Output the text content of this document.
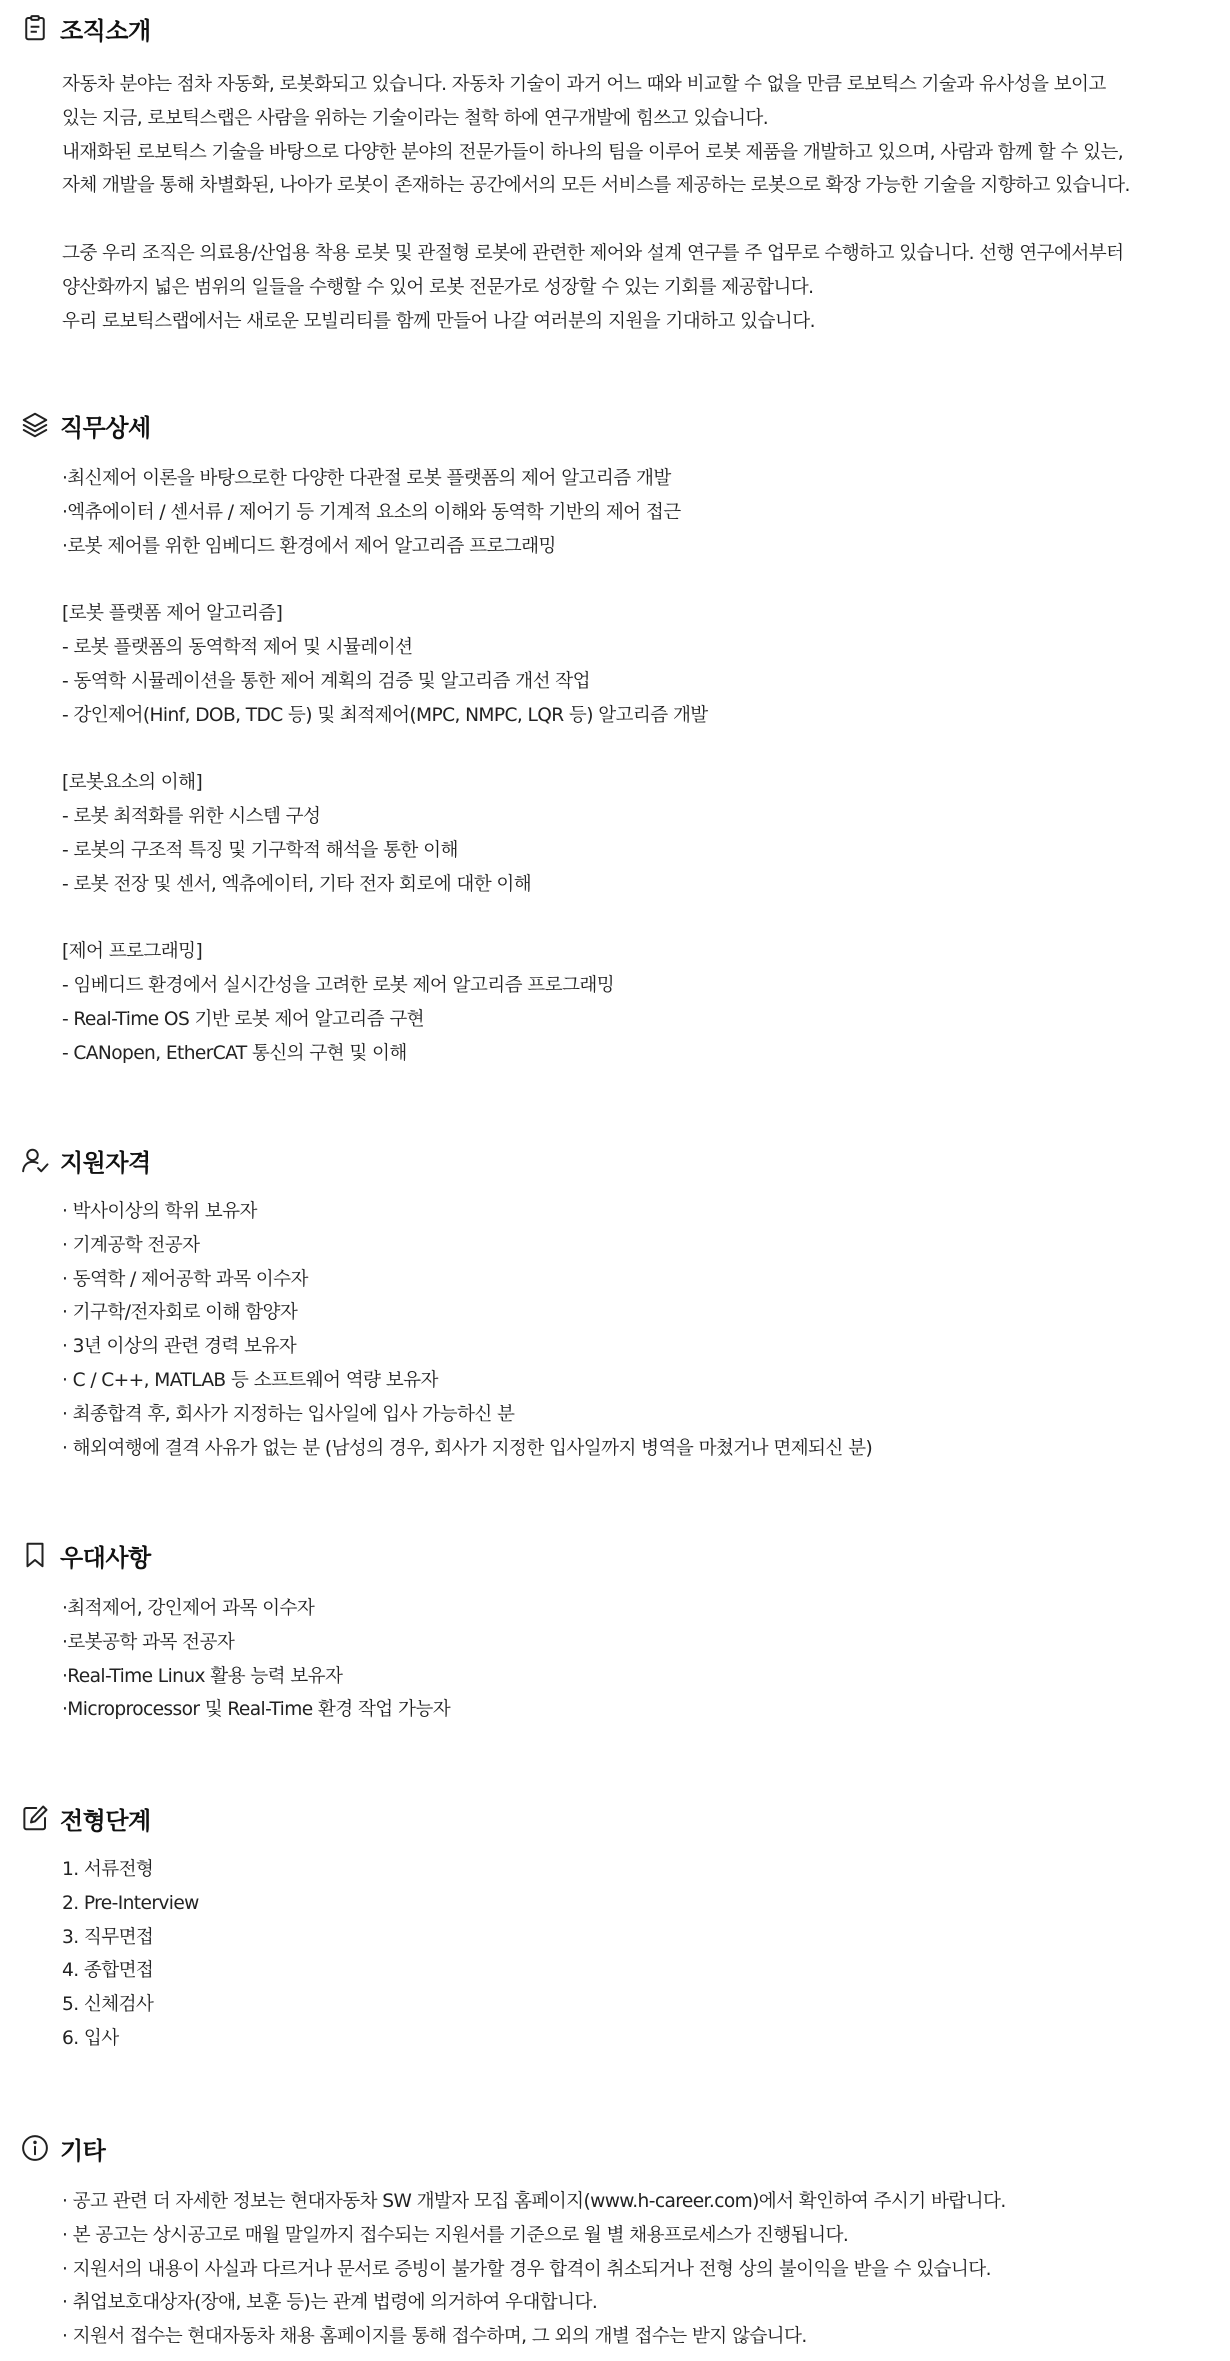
조직소개
자동차 분야는 점차 자동화, 로봇화되고 있습니다. 자동차 기술이 과거 어느 때와 비교할 수 없을 만큼 로보틱스 기술과 유사성을 보이고
있는 지금, 로보틱스랩은 사람을 위하는 기술이라는 철학 하에 연구개발에 힘쓰고 있습니다.
내재화된 로보틱스 기술을 바탕으로 다양한 분야의 전문가들이 하나의 팀을 이루어 로봇 제품을 개발하고 있으며, 사람과 함께 할 수 있는,
자체 개발을 통해 차별화된, 나아가 로봇이 존재하는 공간에서의 모든 서비스를 제공하는 로봇으로 확장 가능한 기술을 지향하고 있습니다.
그중 우리 조직은 의료용/산업용 착용 로봇 및 관절형 로봇에 관련한 제어와 설계 연구를 주 업무로 수행하고 있습니다. 선행 연구에서부터
양산화까지 넓은 범위의 일들을 수행할 수 있어 로봇 전문가로 성장할 수 있는 기회를 제공합니다.
우리 로보틱스랩에서는 새로운 모빌리티를 함께 만들어 나갈 여러분의 지원을 기대하고 있습니다.
직무상세
·최신제어 이론을 바탕으로한 다양한 다관절 로봇 플랫폼의 제어 알고리즘 개발
·엑츄에이터 / 센서류 / 제어기 등 기계적 요소의 이해와 동역학 기반의 제어 접근
·로봇 제어를 위한 임베디드 환경에서 제어 알고리즘 프로그래밍
[로봇 플랫폼 제어 알고리즘]
- 로봇 플랫폼의 동역학적 제어 및 시뮬레이션
- 동역학 시뮬레이션을 통한 제어 계획의 검증 및 알고리즘 개선 작업
- 강인제어(Hinf, DOB, TDC 등) 및 최적제어(MPC, NMPC, LQR 등) 알고리즘 개발
[로봇요소의 이해]
- 로봇 최적화를 위한 시스템 구성
- 로봇의 구조적 특징 및 기구학적 해석을 통한 이해
- 로봇 전장 및 센서, 엑츄에이터, 기타 전자 회로에 대한 이해
[제어 프로그래밍]
- 임베디드 환경에서 실시간성을 고려한 로봇 제어 알고리즘 프로그래밍
- Real-Time OS 기반 로봇 제어 알고리즘 구현
- CANopen, EtherCAT 통신의 구현 및 이해
지원자격
· 박사이상의 학위 보유자
· 기계공학 전공자
· 동역학 / 제어공학 과목 이수자
· 기구학/전자회로 이해 함양자
· 3년 이상의 관련 경력 보유자
· C / C++, MATLAB 등 소프트웨어 역량 보유자
· 최종합격 후, 회사가 지정하는 입사일에 입사 가능하신 분
· 해외여행에 결격 사유가 없는 분 (남성의 경우, 회사가 지정한 입사일까지 병역을 마쳤거나 면제되신 분)
우대사항
·최적제어, 강인제어 과목 이수자
·로봇공학 과목 전공자
·Real-Time Linux 활용 능력 보유자
·Microprocessor 및 Real-Time 환경 작업 가능자
전형단계
1. 서류전형
2. Pre-Interview
3. 직무면접
4. 종합면접
5. 신체검사
6. 입사
기타
· 공고 관련 더 자세한 정보는 현대자동차 SW 개발자 모집 홈페이지(www.h-career.com)에서 확인하여 주시기 바랍니다.
· 본 공고는 상시공고로 매월 말일까지 접수되는 지원서를 기준으로 월 별 채용프로세스가 진행됩니다.
· 지원서의 내용이 사실과 다르거나 문서로 증빙이 불가할 경우 합격이 취소되거나 전형 상의 불이익을 받을 수 있습니다.
· 취업보호대상자(장애, 보훈 등)는 관계 법령에 의거하여 우대합니다.
· 지원서 접수는 현대자동차 채용 홈페이지를 통해 접수하며, 그 외의 개별 접수는 받지 않습니다.
